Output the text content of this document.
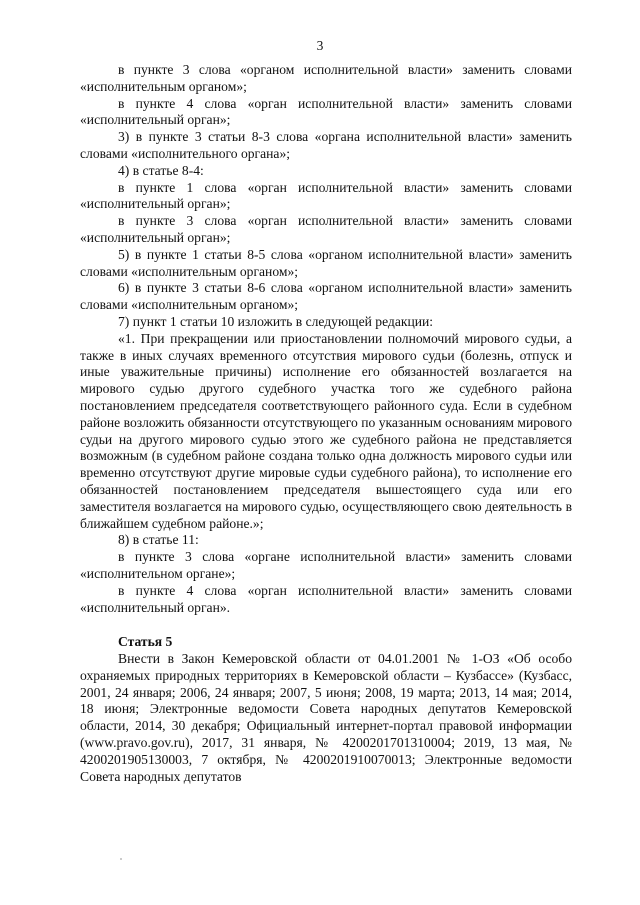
3

в пункте 3 слова «органом исполнительной власти» заменить словами «исполнительным органом»;

в пункте 4 слова «орган исполнительной власти» заменить словами «исполнительный орган»;

3) в пункте 3 статьи 8-3 слова «органа исполнительной власти» заменить словами «исполнительного органа»;

4) в статье 8-4:

в пункте 1 слова «орган исполнительной власти» заменить словами «исполнительный орган»;

в пункте 3 слова «орган исполнительной власти» заменить словами «исполнительный орган»;

5) в пункте 1 статьи 8-5 слова «органом исполнительной власти» заменить словами «исполнительным органом»;

6) в пункте 3 статьи 8-6 слова «органом исполнительной власти» заменить словами «исполнительным органом»;

7) пункт 1 статьи 10 изложить в следующей редакции:

«1. При прекращении или приостановлении полномочий мирового судьи, а также в иных случаях временного отсутствия мирового судьи (болезнь, отпуск и иные уважительные причины) исполнение его обязанностей возлагается на мирового судью другого судебного участка того же судебного района постановлением председателя соответствующего районного суда. Если в судебном районе возложить обязанности отсутствующего по указанным основаниям мирового судьи на другого мирового судью этого же судебного района не представляется возможным (в судебном районе создана только одна должность мирового судьи или временно отсутствуют другие мировые судьи судебного района), то исполнение его обязанностей постановлением председателя вышестоящего суда или его заместителя возлагается на мирового судью, осуществляющего свою деятельность в ближайшем судебном районе.»;

8) в статье 11:

в пункте 3 слова «органе исполнительной власти» заменить словами «исполнительном органе»;

в пункте 4 слова «орган исполнительной власти» заменить словами «исполнительный орган».

Статья 5

Внести в Закон Кемеровской области от 04.01.2001 № 1-ОЗ «Об особо охраняемых природных территориях в Кемеровской области – Кузбассе» (Кузбасс, 2001, 24 января; 2006, 24 января; 2007, 5 июня; 2008, 19 марта; 2013, 14 мая; 2014, 18 июня; Электронные ведомости Совета народных депутатов Кемеровской области, 2014, 30 декабря; Официальный интернет-портал правовой информации (www.pravo.gov.ru), 2017, 31 января, № 4200201701310004; 2019, 13 мая, № 4200201905130003, 7 октября, № 4200201910070013; Электронные ведомости Совета народных депутатов
